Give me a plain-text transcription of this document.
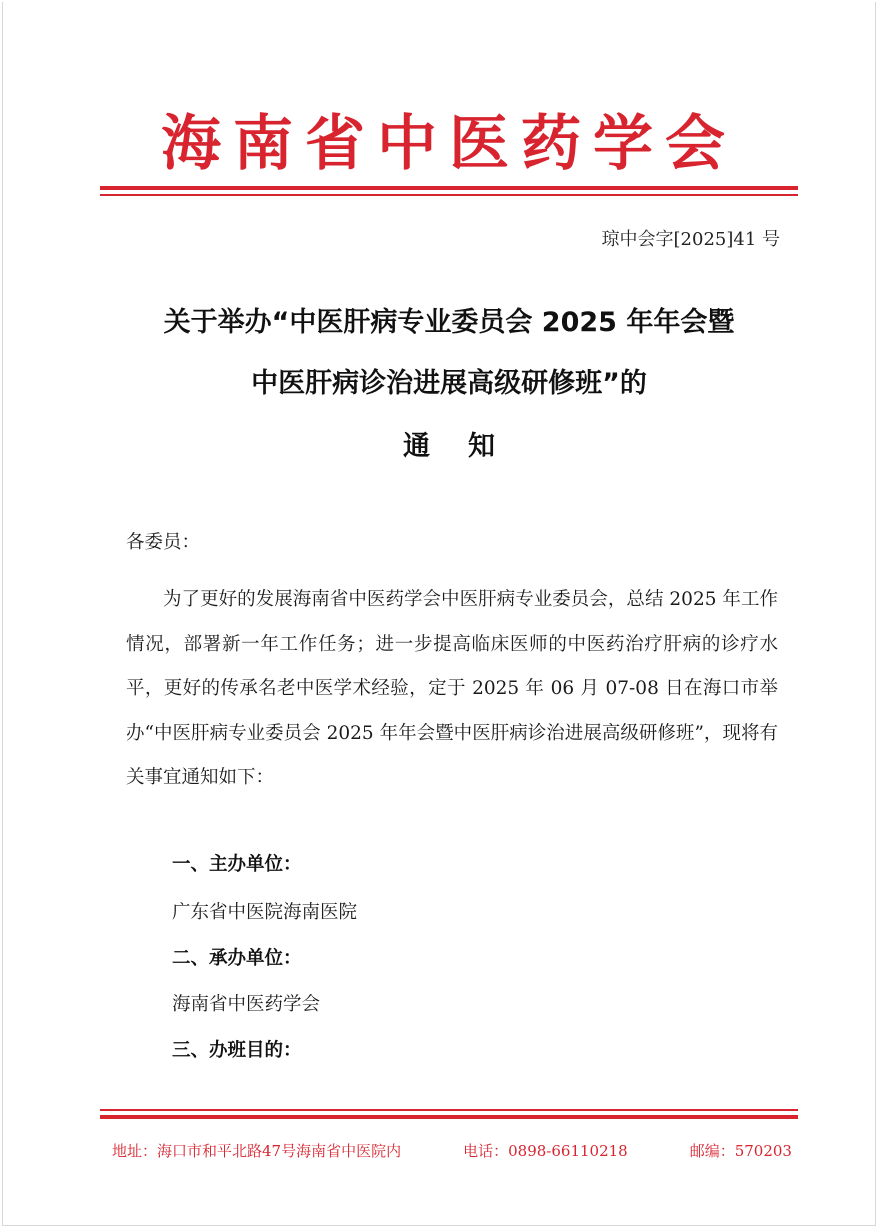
海南省中医药学会
琼中会字[2025]41 号
关于举办“中医肝病专业委员会 2025 年年会暨
中医肝病诊治进展高级研修班”的
通知
各委员：
为了更好的发展海南省中医药学会中医肝病专业委员会，总结 2025 年工作情况，部署新一年工作任务；进一步提高临床医师的中医药治疗肝病的诊疗水平，更好的传承名老中医学术经验，定于 2025 年 06 月 07-08 日在海口市举办“中医肝病专业委员会 2025 年年会暨中医肝病诊治进展高级研修班”，现将有关事宜通知如下：
一、主办单位：
广东省中医院海南医院
二、承办单位：
海南省中医药学会
三、办班目的：
地址：海口市和平北路47号海南省中医院内	电话：0898-66110218	邮编：570203
